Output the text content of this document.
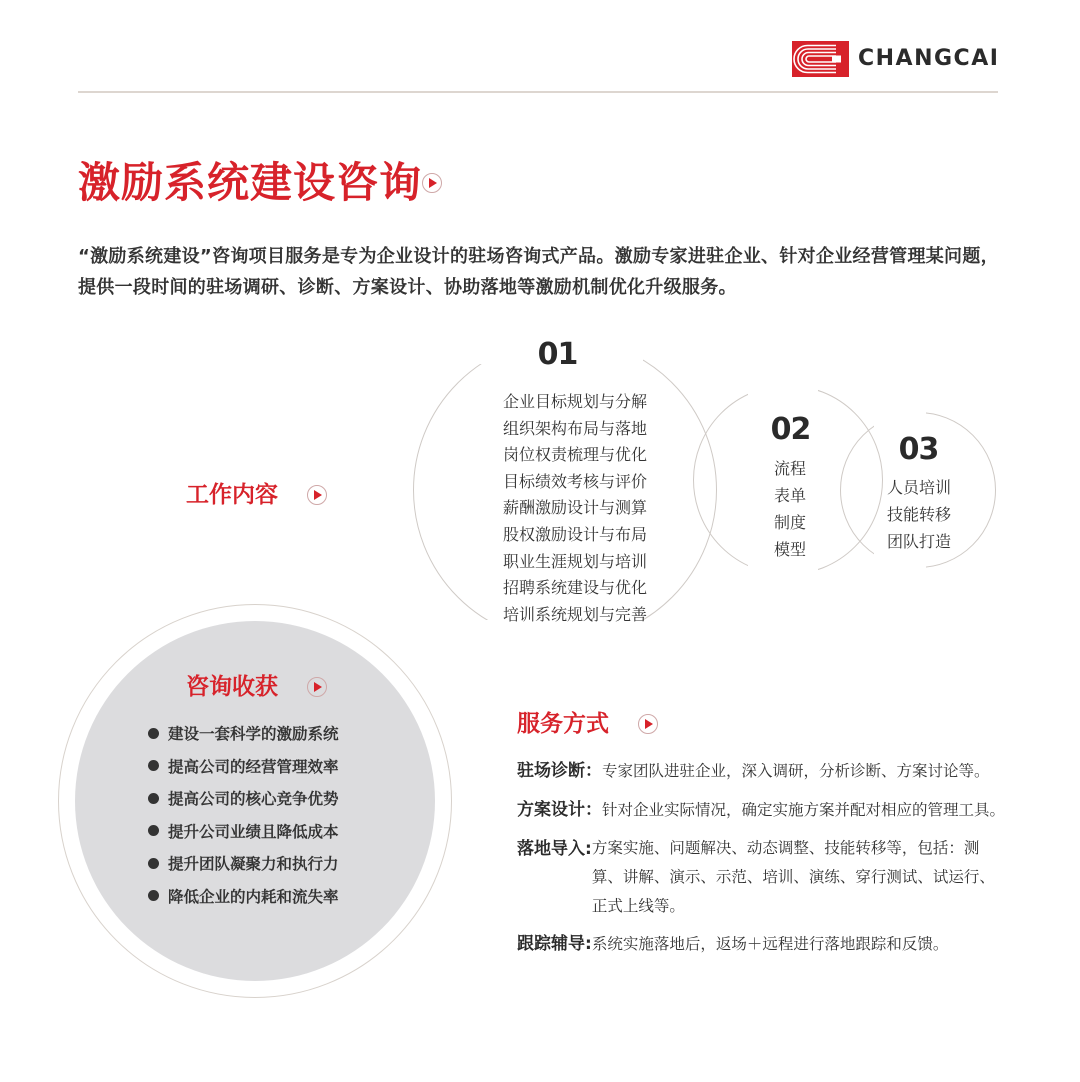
CHANGCAI
激励系统建设咨询
“激励系统建设”咨询项目服务是专为企业设计的驻场咨询式产品。激励专家进驻企业、针对企业经营管理某问题，提供一段时间的驻场调研、诊断、方案设计、协助落地等激励机制优化升级服务。
工作内容
01
企业目标规划与分解
组织架构布局与落地
岗位权责梳理与优化
目标绩效考核与评价
薪酬激励设计与测算
股权激励设计与布局
职业生涯规划与培训
招聘系统建设与优化
培训系统规划与完善
02
流程
表单
制度
模型
03
人员培训
技能转移
团队打造
咨询收获
建设一套科学的激励系统
提高公司的经营管理效率
提高公司的核心竞争优势
提升公司业绩且降低成本
提升团队凝聚力和执行力
降低企业的内耗和流失率
服务方式
驻场诊断： 专家团队进驻企业，深入调研，分析诊断、方案讨论等。
方案设计： 针对企业实际情况，确定实施方案并配对相应的管理工具。
落地导入: 方案实施、问题解决、动态调整、技能转移等，包括：测算、讲解、演示、示范、培训、演练、穿行测试、试运行、正式上线等。
跟踪辅导: 系统实施落地后，返场＋远程进行落地跟踪和反馈。
